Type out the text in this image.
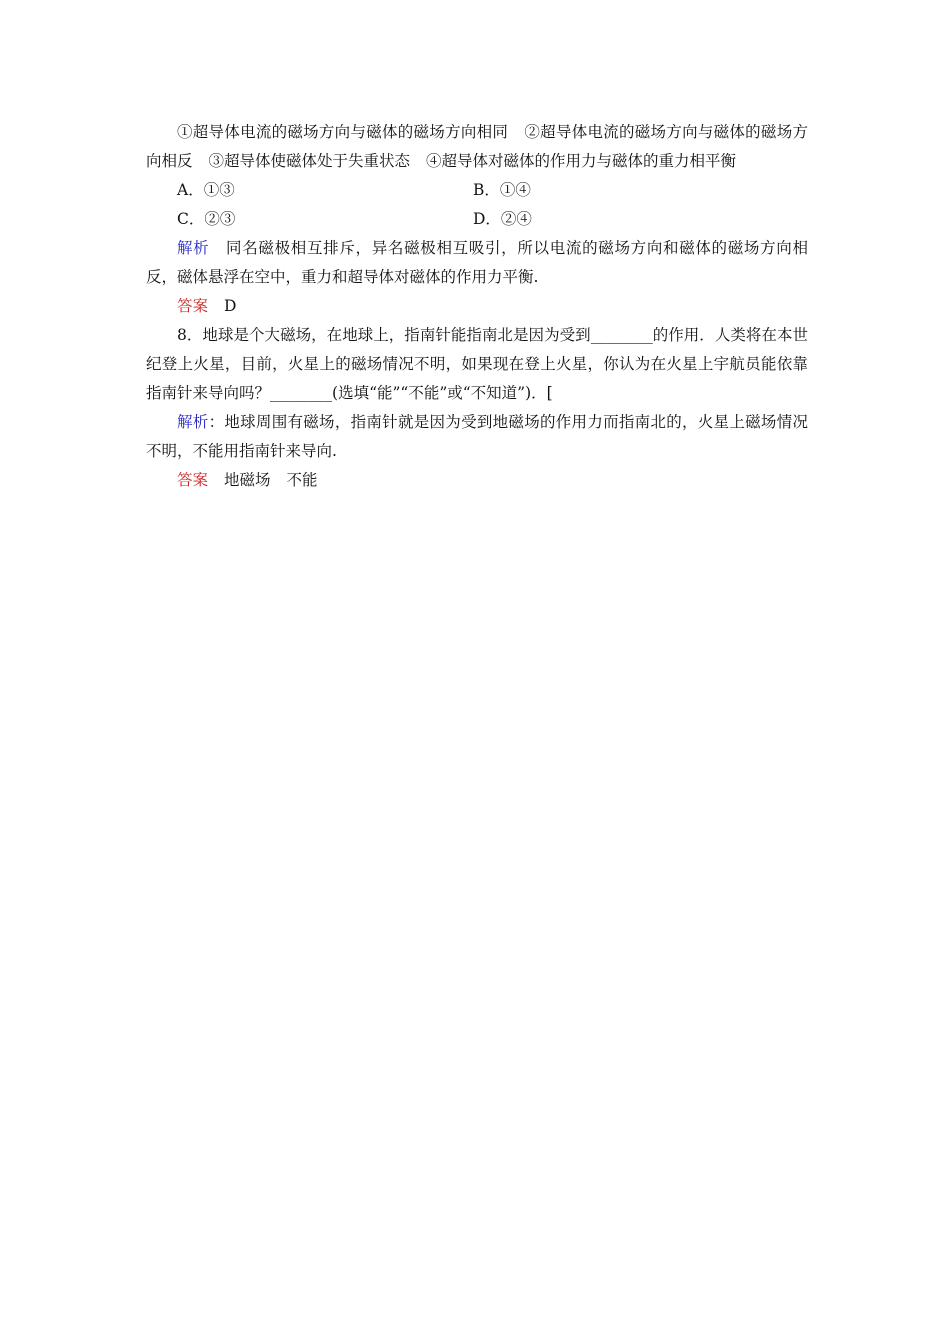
①超导体电流的磁场方向与磁体的磁场方向相同 ②超导体电流的磁场方向与磁体的磁场方向相反 ③超导体使磁体处于失重状态 ④超导体对磁体的作用力与磁体的重力相平衡

A．①③	B．①④
C．②③	D．②④

解析 同名磁极相互排斥，异名磁极相互吸引，所以电流的磁场方向和磁体的磁场方向相反，磁体悬浮在空中，重力和超导体对磁体的作用力平衡.

答案 D

8．地球是个大磁场，在地球上，指南针能指南北是因为受到________的作用．人类将在本世纪登上火星，目前，火星上的磁场情况不明，如果现在登上火星，你认为在火星上宇航员能依靠指南针来导向吗？________(选填“能”“不能”或“不知道”)．[

解析：地球周围有磁场，指南针就是因为受到地磁场的作用力而指南北的，火星上磁场情况不明，不能用指南针来导向.

答案 地磁场 不能
